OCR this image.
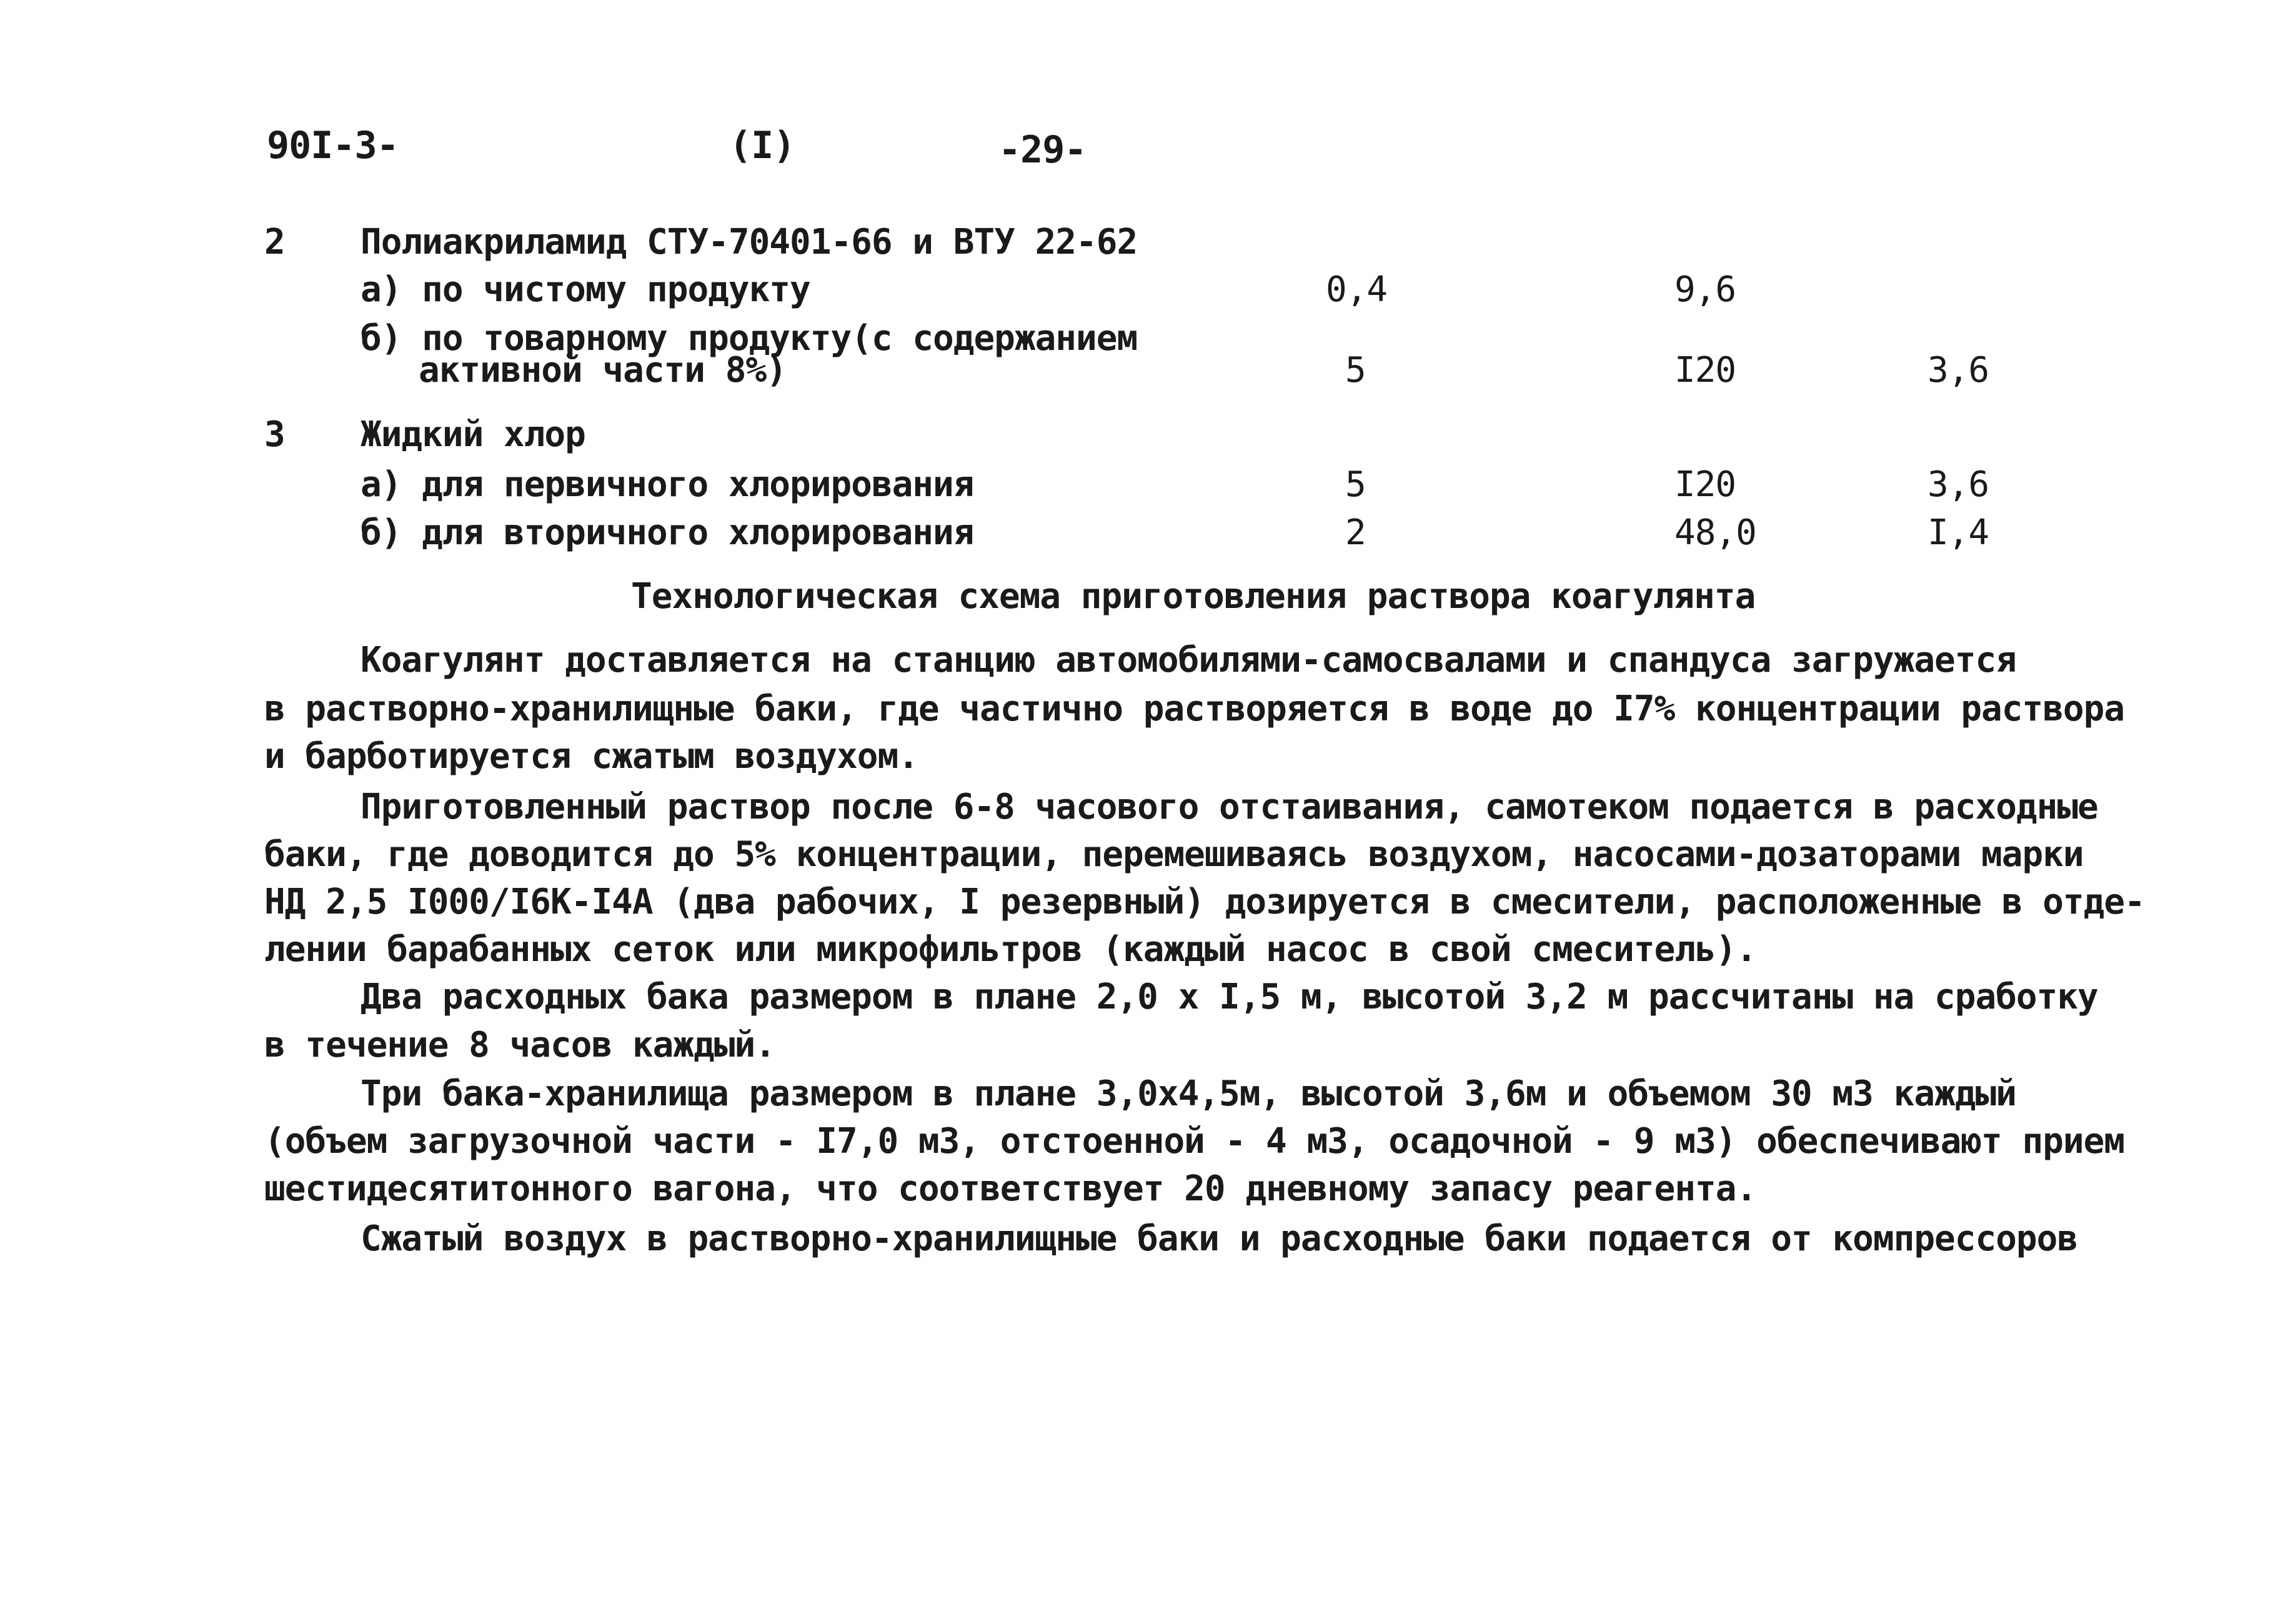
90I-3-	(I)	-29-
2 Полиакриламид СТУ-70401-66 и ВТУ 22-62
а) по чистому продукту	0,4	9,6
б) по товарному продукту(с содержанием
активной части 8%)	5	I20	3,6
3 Жидкий хлор
а) для первичного хлорирования	5	I20	3,6
б) для вторичного хлорирования	2	48,0	I,4
Технологическая схема приготовления раствора коагулянта
Коагулянт доставляется на станцию автомобилями-самосвалами и спандуса загружается
в растворно-хранилищные баки, где частично растворяется в воде до I7% концентрации раствора
и барботируется сжатым воздухом.
Приготовленный раствор после 6-8 часового отстаивания, самотеком подается в расходные
баки, где доводится до 5% концентрации, перемешиваясь воздухом, насосами-дозаторами марки
НД 2,5 I000/I6К-I4А (два рабочих, I резервный) дозируется в смесители, расположенные в отде-
лении барабанных сеток или микрофильтров (каждый насос в свой смеситель).
Два расходных бака размером в плане 2,0 х I,5 м, высотой 3,2 м рассчитаны на сработку
в течение 8 часов каждый.
Три бака-хранилища размером в плане 3,0х4,5м, высотой 3,6м и объемом 30 м3 каждый
(объем загрузочной части - I7,0 м3, отстоенной - 4 м3, осадочной - 9 м3) обеспечивают прием
шестидесятитонного вагона, что соответствует 20 дневному запасу реагента.
Сжатый воздух в растворно-хранилищные баки и расходные баки подается от компрессоров
